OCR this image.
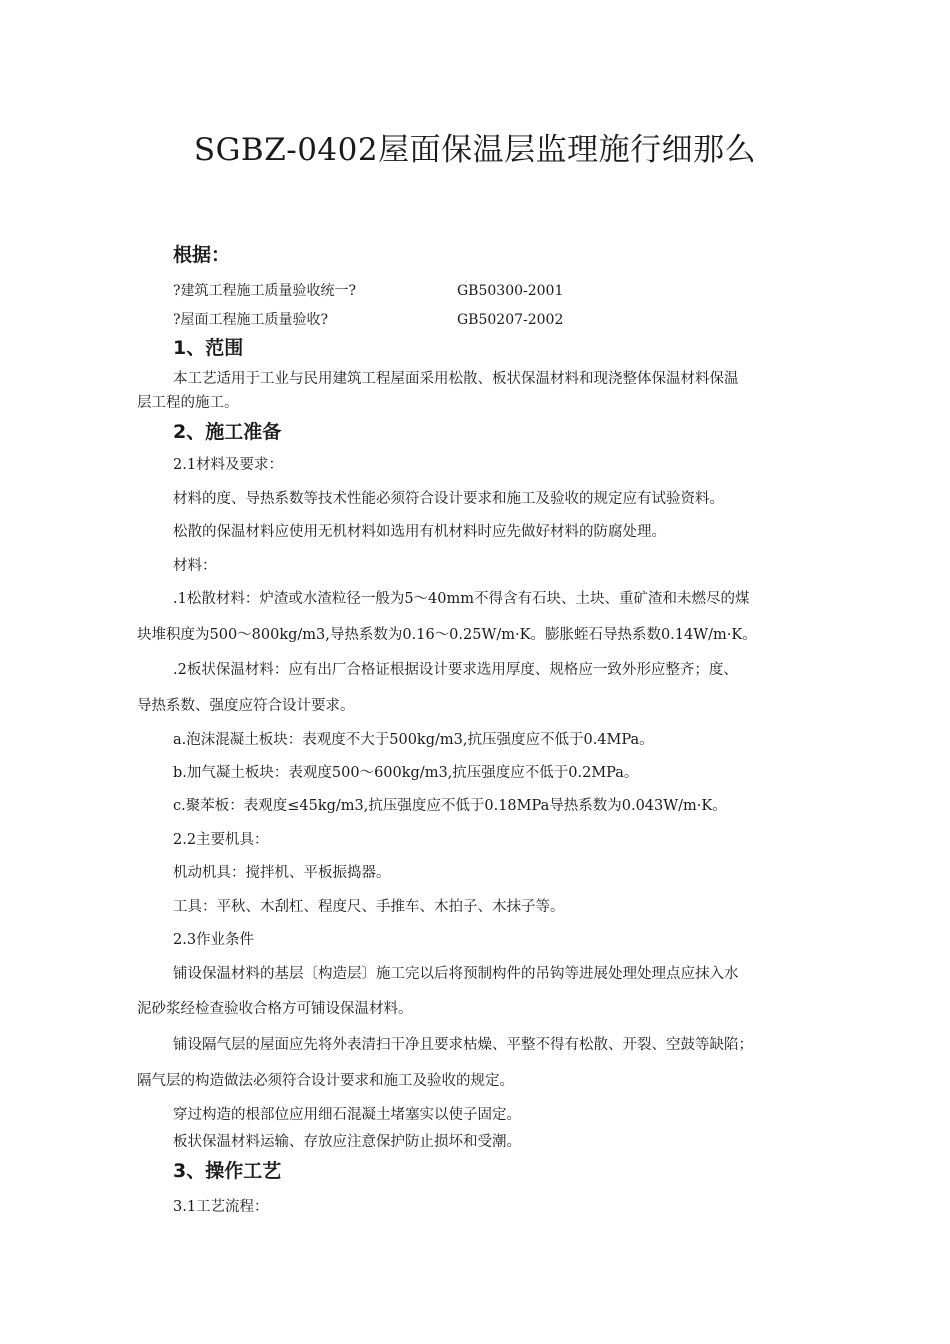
SGBZ-0402屋面保温层监理施行细那么
根据：
?建筑工程施工质量验收统一?	GB50300-2001
?屋面工程施工质量验收?	GB50207-2002
1、范围
本工艺适用于工业与民用建筑工程屋面采用松散、板状保温材料和现浇整体保温材料保温
层工程的施工。
2、施工准备
2.1材料及要求：
材料的度、导热系数等技术性能必须符合设计要求和施工及验收的规定应有试验资料。
松散的保温材料应使用无机材料如选用有机材料时应先做好材料的防腐处理。
材料：
.1松散材料：炉渣或水渣粒径一般为5～40mm不得含有石块、土块、重矿渣和未燃尽的煤
块堆积度为500～800kg/m3,导热系数为0.16～0.25W/m·K。膨胀蛭石导热系数0.14W/m·K。
.2板状保温材料：应有出厂合格证根据设计要求选用厚度、规格应一致外形应整齐；度、
导热系数、强度应符合设计要求。
a.泡沫混凝土板块：表观度不大于500kg/m3,抗压强度应不低于0.4MPa。
b.加气凝土板块：表观度500～600kg/m3,抗压强度应不低于0.2MPa。
c.聚苯板：表观度≤45kg/m3,抗压强度应不低于0.18MPa导热系数为0.043W/m·K。
2.2主要机具：
机动机具：搅拌机、平板振捣器。
工具：平秋、木刮杠、程度尺、手推车、木拍子、木抹子等。
2.3作业条件
铺设保温材料的基层〔构造层〕施工完以后将预制构件的吊钩等进展处理处理点应抹入水
泥砂浆经检查验收合格方可铺设保温材料。
铺设隔气层的屋面应先将外表清扫干净且要求枯燥、平整不得有松散、开裂、空鼓等缺陷；
隔气层的构造做法必须符合设计要求和施工及验收的规定。
穿过构造的根部位应用细石混凝土堵塞实以使子固定。
板状保温材料运输、存放应注意保护防止损坏和受潮。
3、操作工艺
3.1工艺流程：
